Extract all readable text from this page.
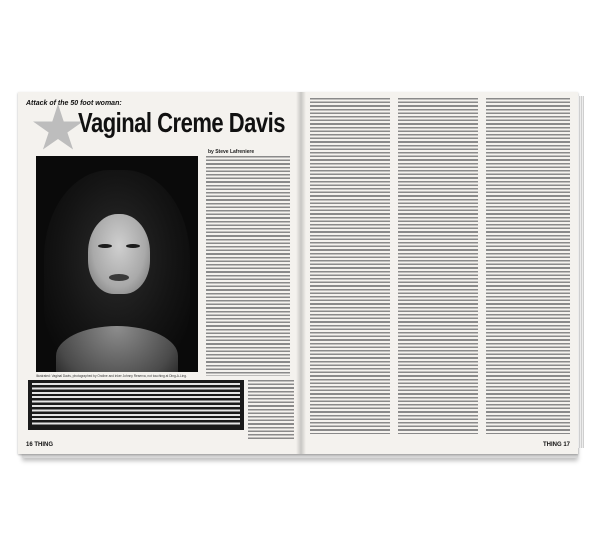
Attack of the 50 foot woman:
Vaginal Creme Davis
by Steve Lafreniere
Illustrated: Vaginal Davis, photographed by Ondine and inker Johnny Reserva, not touching at Ding-A-Ling.
16 THING	THING 17
